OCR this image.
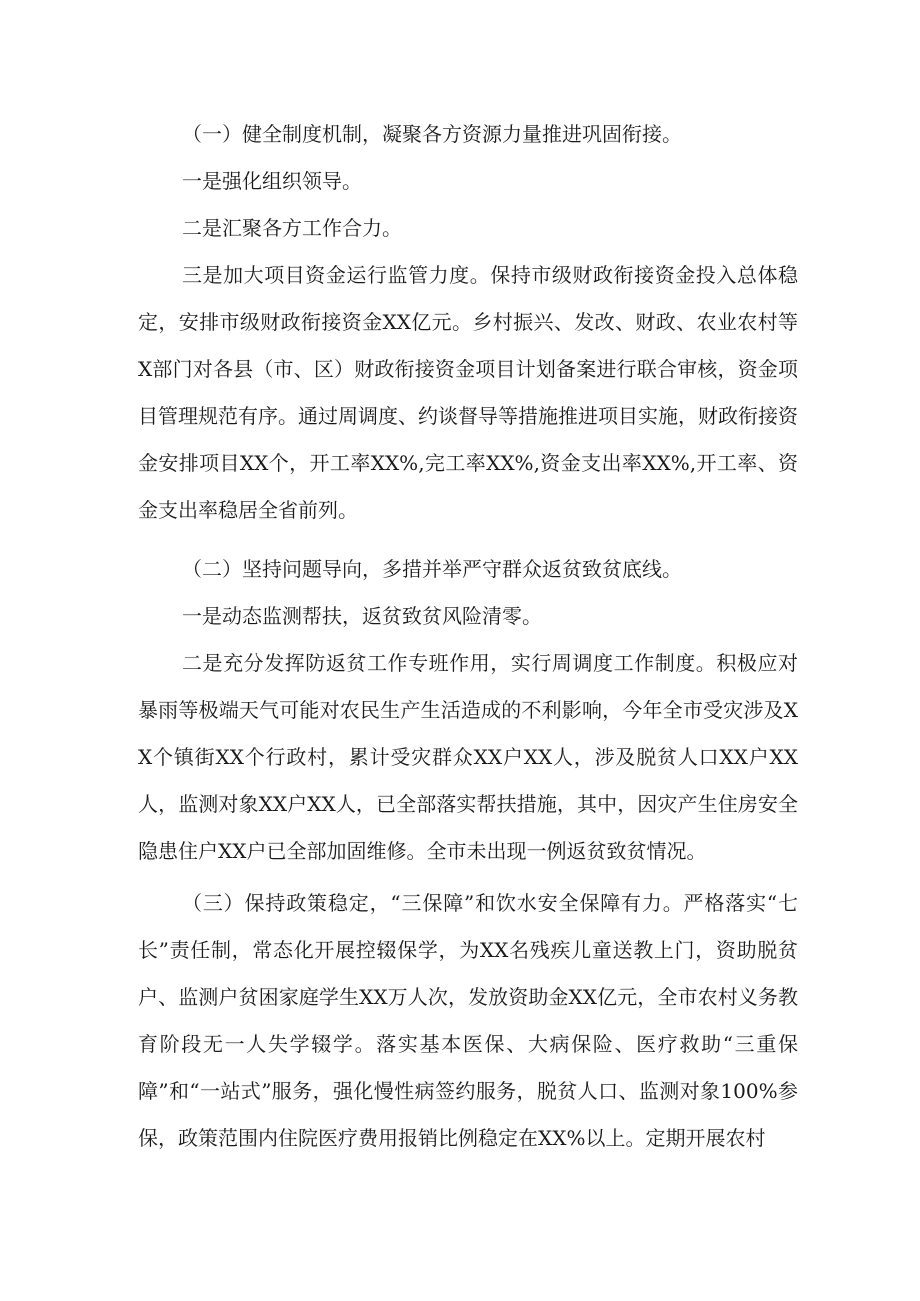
（一）健全制度机制，凝聚各方资源力量推进巩固衔接。

一是强化组织领导。

二是汇聚各方工作合力。

三是加大项目资金运行监管力度。保持市级财政衔接资金投入总体稳定，安排市级财政衔接资金XX亿元。乡村振兴、发改、财政、农业农村等X部门对各县（市、区）财政衔接资金项目计划备案进行联合审核，资金项目管理规范有序。通过周调度、约谈督导等措施推进项目实施，财政衔接资金安排项目XX个，开工率XX%,完工率XX%,资金支出率XX%,开工率、资金支出率稳居全省前列。

（二）坚持问题导向，多措并举严守群众返贫致贫底线。

一是动态监测帮扶，返贫致贫风险清零。

二是充分发挥防返贫工作专班作用，实行周调度工作制度。积极应对暴雨等极端天气可能对农民生产生活造成的不利影响，今年全市受灾涉及XX个镇街XX个行政村，累计受灾群众XX户XX人，涉及脱贫人口XX户XX人，监测对象XX户XX人，已全部落实帮扶措施，其中，因灾产生住房安全隐患住户XX户已全部加固维修。全市未出现一例返贫致贫情况。

（三）保持政策稳定，“三保障”和饮水安全保障有力。严格落实“七长”责任制，常态化开展控辍保学，为XX名残疾儿童送教上门，资助脱贫户、监测户贫困家庭学生XX万人次，发放资助金XX亿元，全市农村义务教育阶段无一人失学辍学。落实基本医保、大病保险、医疗救助“三重保障”和“一站式”服务，强化慢性病签约服务，脱贫人口、监测对象100%参保，政策范围内住院医疗费用报销比例稳定在XX%以上。定期开展农村
